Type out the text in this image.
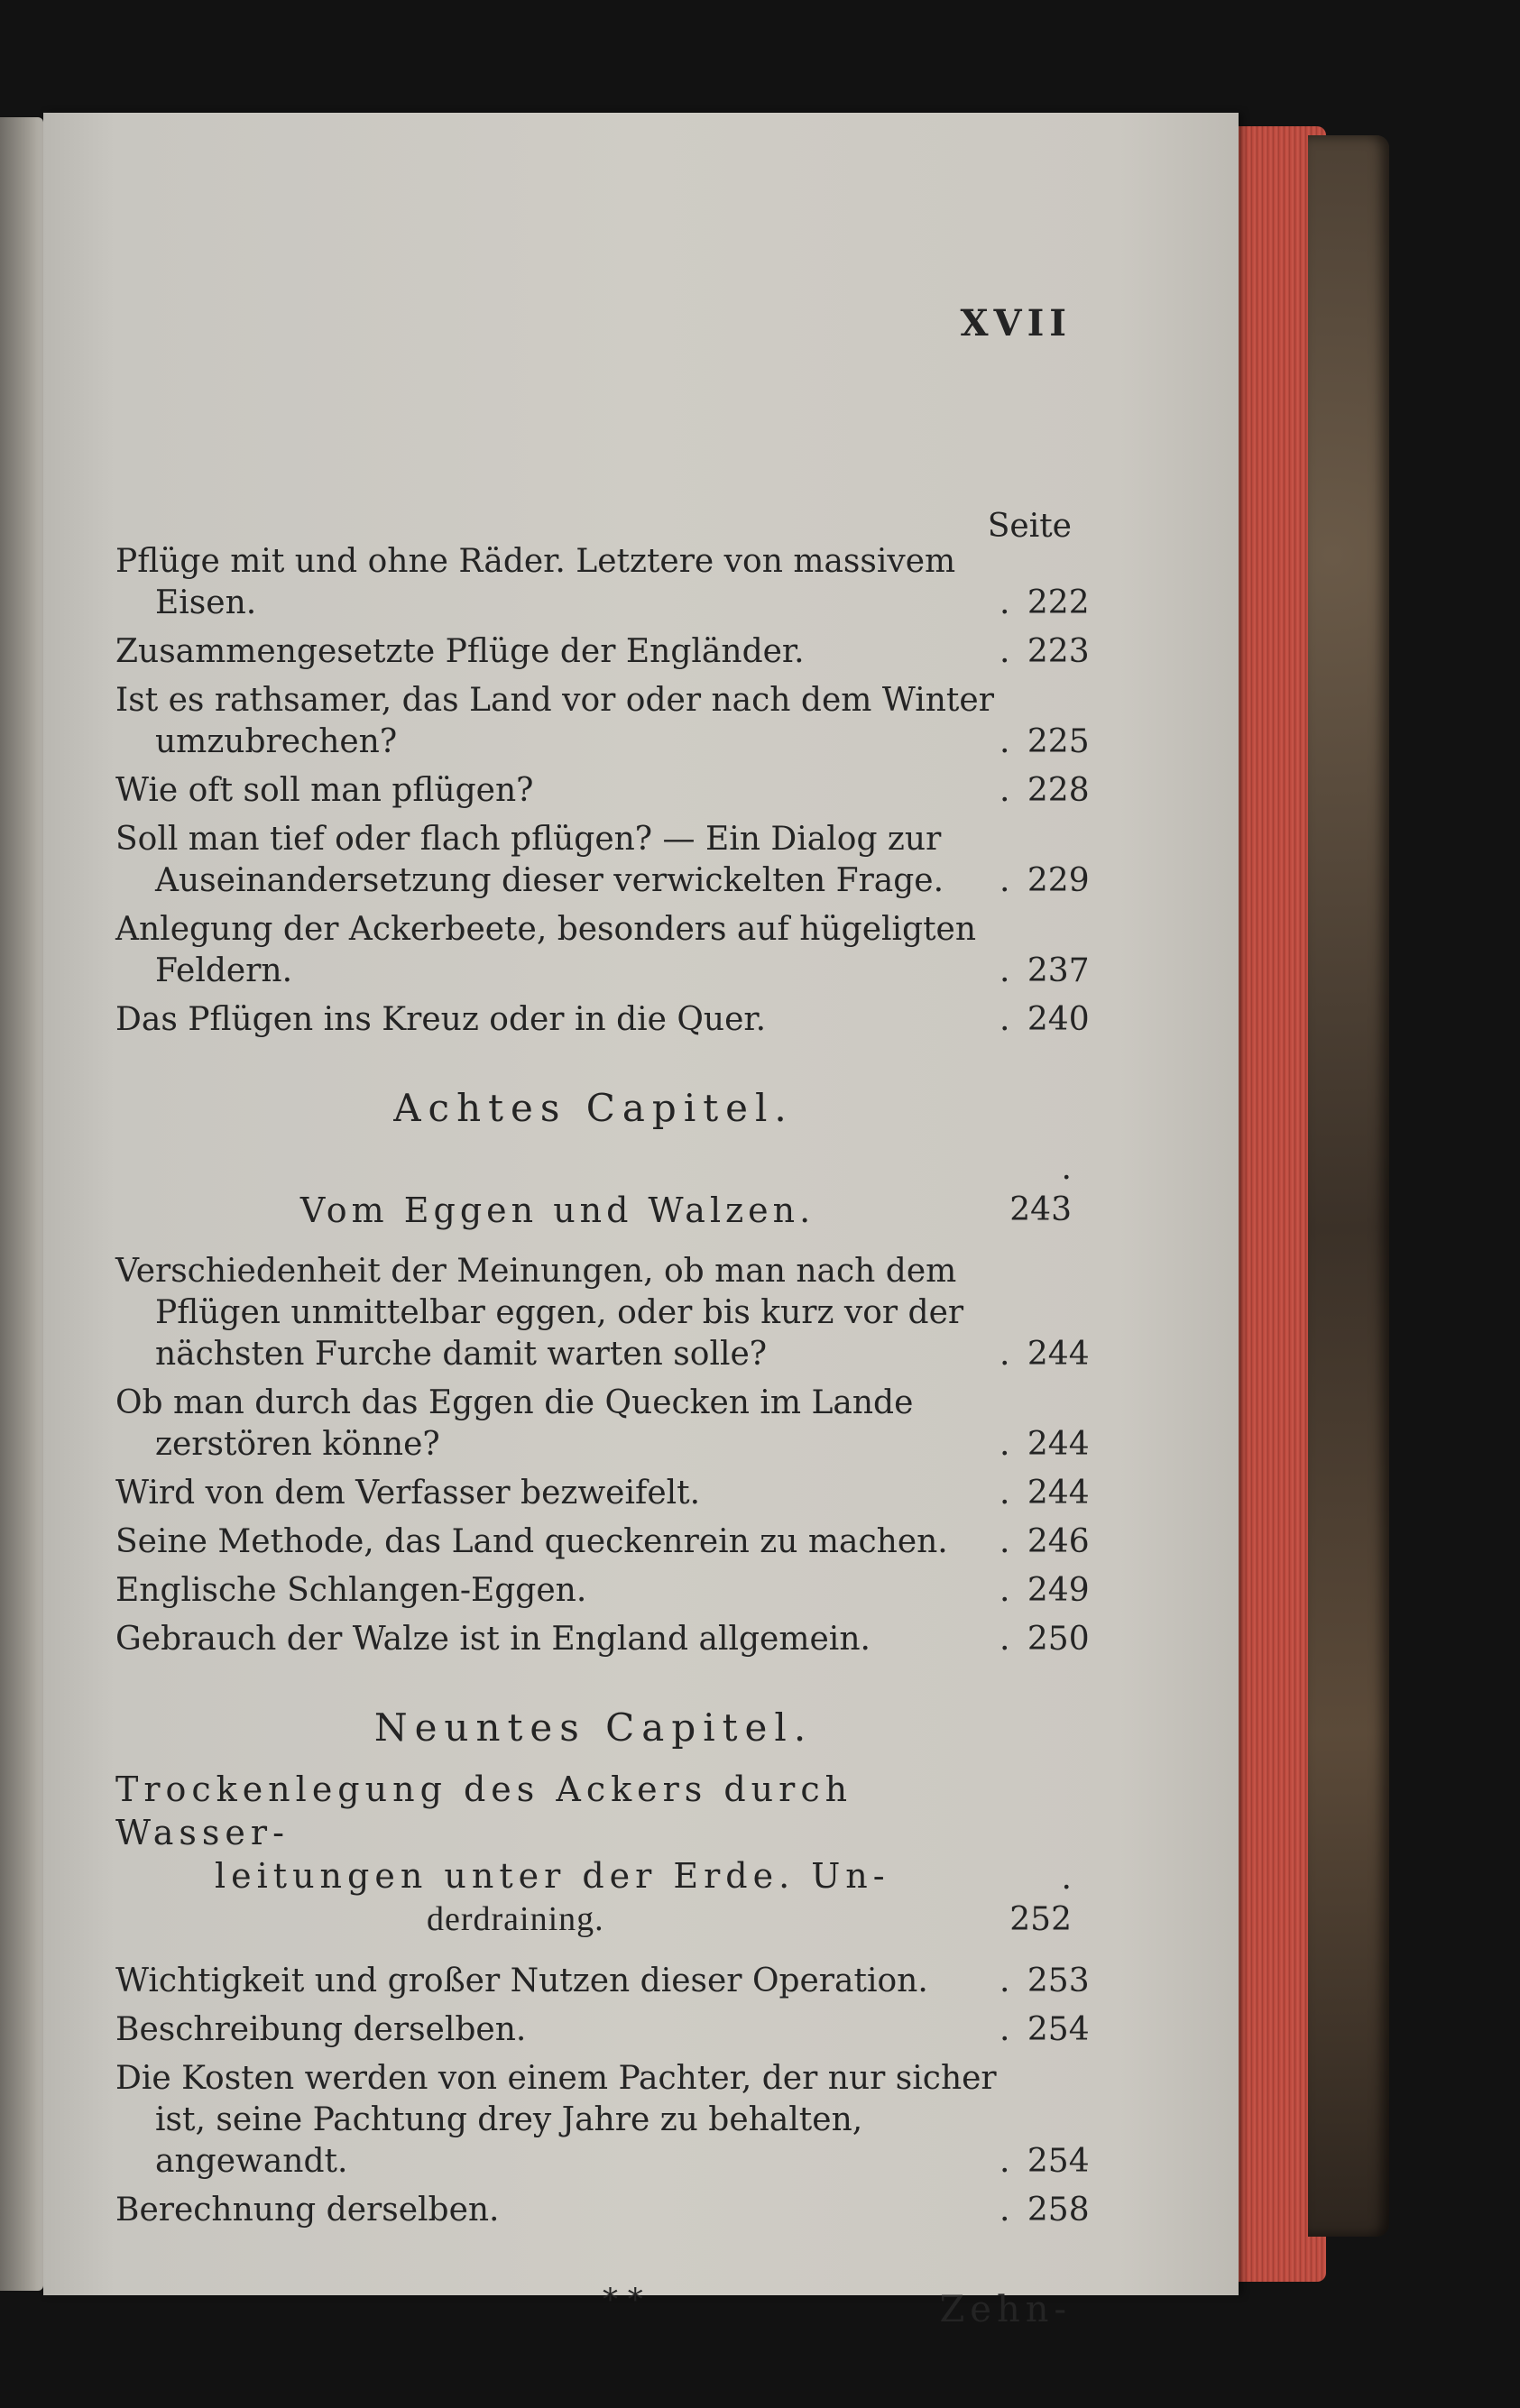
XVII
Seite
Pflüge mit und ohne Räder. Letztere von massivem Eisen.	. 222
Zusammengesetzte Pflüge der Engländer.	. 223
Ist es rathsamer, das Land vor oder nach dem Winter umzubrechen?	. 225
Wie oft soll man pflügen?	. 228
Soll man tief oder flach pflügen? — Ein Dialog zur Auseinandersetzung dieser verwickelten Frage.	. 229
Anlegung der Ackerbeete, besonders auf hügeligten Feldern.	. 237
Das Pflügen ins Kreuz oder in die Quer.	. 240
Achtes Capitel.
Vom Eggen und Walzen.	. 243
Verschiedenheit der Meinungen, ob man nach dem Pflügen unmittelbar eggen, oder bis kurz vor der nächsten Furche damit warten solle?	. 244
Ob man durch das Eggen die Quecken im Lande zerstören könne?	. 244
Wird von dem Verfasser bezweifelt.	. 244
Seine Methode, das Land queckenrein zu machen.	. 246
Englische Schlangen-Eggen.	. 249
Gebrauch der Walze ist in England allgemein.	. 250
Neuntes Capitel.
Trockenlegung des Ackers durch Wasser-
leitungen unter der Erde. Un-
derdraining.	. 252
Wichtigkeit und großer Nutzen dieser Operation.	. 253
Beschreibung derselben.	. 254
Die Kosten werden von einem Pachter, der nur sicher ist, seine Pachtung drey Jahre zu behalten, angewandt.	. 254
Berechnung derselben.	. 258
* *	Zehn-
